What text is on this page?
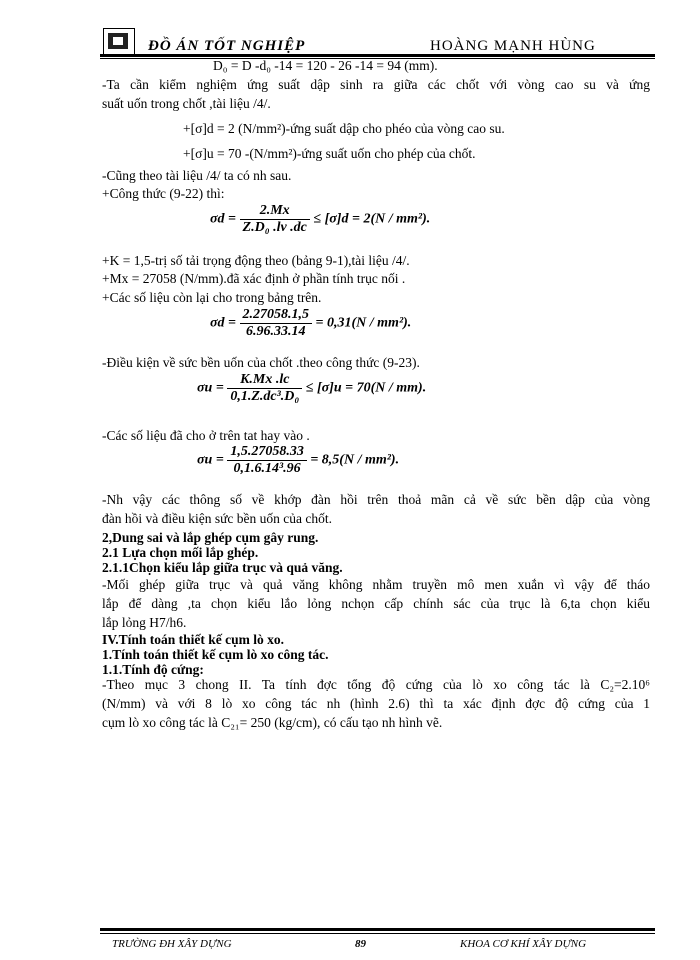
ĐỒ ÁN TỐT NGHIỆP	HOÀNG MẠNH HÙNG
D₀ = D -d₀ -14 = 120 - 26 -14 = 94 (mm).
-Ta cần kiểm nghiệm ứng suất dập sinh ra giữa các chốt với vòng cao su và ứng
suất uốn trong chốt ,tài liệu /4/.
+[σ]d = 2 (N/mm²)-ứng suất dập cho phéo của vòng cao su.
+[σ]u = 70 -(N/mm²)-ứng suất uốn cho phép của chốt.
-Cũng theo tài liệu /4/ ta có nh sau.
+Công thức (9-22) thì:
$\sigma d = \frac{2.Mx}{\text{Z.D₀ .lv .dc}} \le [\sigma]d = 2(N / mm^2)$.
+K = 1,5-trị số tải trọng động theo (bảng 9-1),tài liệu /4/.
+Mx = 27058 (N/mm).đã xác định ở phần tính trục nối .
+Các số liệu còn lại cho trong bảng trên.
$\sigma d = \frac{2.27058.1,5}{6.96.33.14} = 0,31(N / mm^2)$.
-Điều kiện về sức bền uốn của chốt .theo công thức (9-23).
$\sigma u = \frac{K.Mx .lc}{\text{0,1.Z.dc³.D₀}} \le [\sigma]u = 70(N / mm)$.
-Các số liệu đã cho ở trên tat hay vào .
$\sigma u = \frac{1,5.27058.33}{\text{0,1.6.14³.96}} = 8,5(N / mm^2)$.
-Nh vậy các thông số về khớp đàn hồi trên thoả mãn cả về sức bền dập của vòng
đàn hồi và điều kiện sức bền uốn của chốt.
2,Dung sai và lắp ghép cụm gây rung.
2.1 Lựa chọn mối lắp ghép.
2.1.1Chọn kiểu lắp giữa trục và quả văng.
-Mối ghép giữa trục và quả văng không nhằm truyền mô men xuắn vì vậy để tháo
lắp để dàng ,ta chọn kiểu lắo lỏng nchọn cấp chính sác của trục là 6,ta chọn kiểu
lắp lỏng H7/h6.
IV.Tính toán thiết kế cụm lò xo.
1.Tính toán thiết kế cụm lò xo công tác.
1.1.Tính độ cứng:
-Theo mục 3 chong II. Ta tính đợc tổng độ cứng của lò xo công tác là C₂=2.10⁶
(N/mm) và với 8 lò xo công tác nh (hình 2.6) thì ta xác định đợc độ cứng của 1
cụm lò xo công tác là C₂₁= 250 (kg/cm), có cấu tạo nh hình vẽ.
TRƯỜNG ĐH XÂY DỰNG	89	KHOA CƠ KHÍ XÂY DỰNG
